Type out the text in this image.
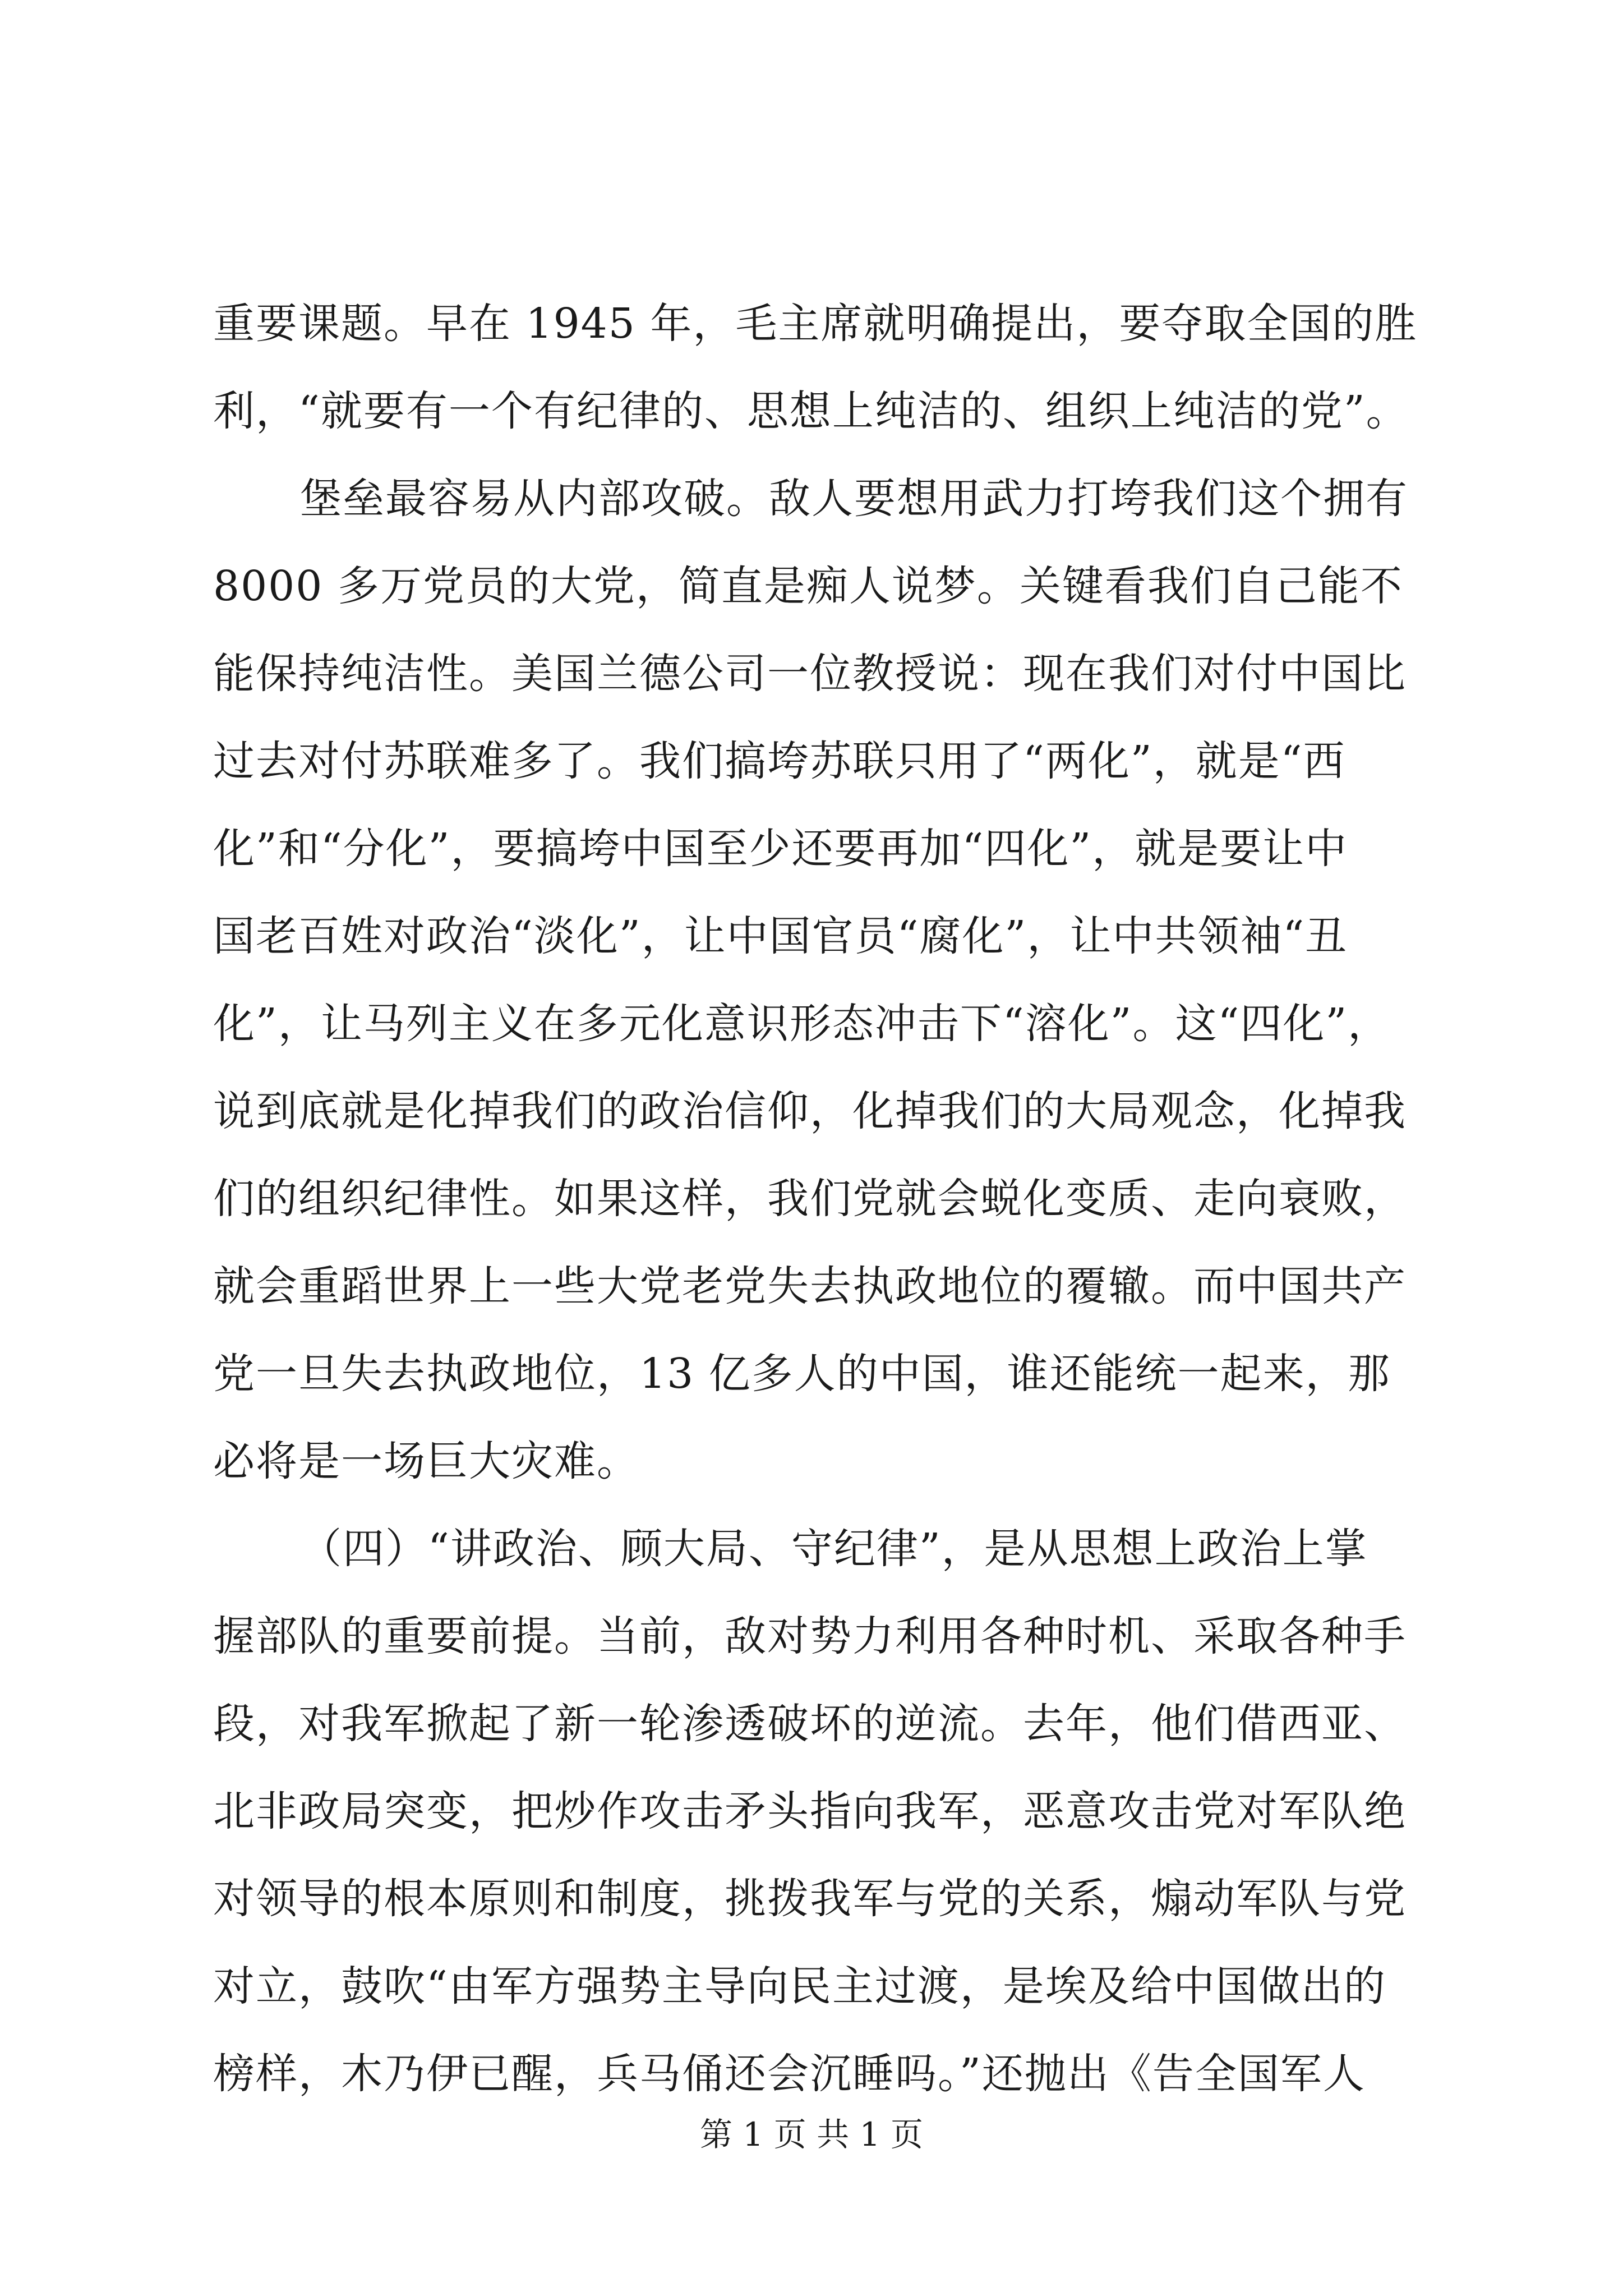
重要课题。早在 1945 年，毛主席就明确提出，要夺取全国的胜
利，“就要有一个有纪律的、思想上纯洁的、组织上纯洁的党”。
堡垒最容易从内部攻破。敌人要想用武力打垮我们这个拥有
8000 多万党员的大党，简直是痴人说梦。关键看我们自己能不
能保持纯洁性。美国兰德公司一位教授说：现在我们对付中国比
过去对付苏联难多了。我们搞垮苏联只用了“两化”，就是“西
化”和“分化”，要搞垮中国至少还要再加“四化”，就是要让中
国老百姓对政治“淡化”，让中国官员“腐化”，让中共领袖“丑
化”，让马列主义在多元化意识形态冲击下“溶化”。这“四化”，
说到底就是化掉我们的政治信仰，化掉我们的大局观念，化掉我
们的组织纪律性。如果这样，我们党就会蜕化变质、走向衰败，
就会重蹈世界上一些大党老党失去执政地位的覆辙。而中国共产
党一旦失去执政地位，13 亿多人的中国，谁还能统一起来，那
必将是一场巨大灾难。
（四）“讲政治、顾大局、守纪律”，是从思想上政治上掌
握部队的重要前提。当前，敌对势力利用各种时机、采取各种手
段，对我军掀起了新一轮渗透破坏的逆流。去年，他们借西亚、
北非政局突变，把炒作攻击矛头指向我军，恶意攻击党对军队绝
对领导的根本原则和制度，挑拨我军与党的关系，煽动军队与党
对立，鼓吹“由军方强势主导向民主过渡，是埃及给中国做出的
榜样，木乃伊已醒，兵马俑还会沉睡吗。”还抛出《告全国军人
第 1 页 共 1 页
